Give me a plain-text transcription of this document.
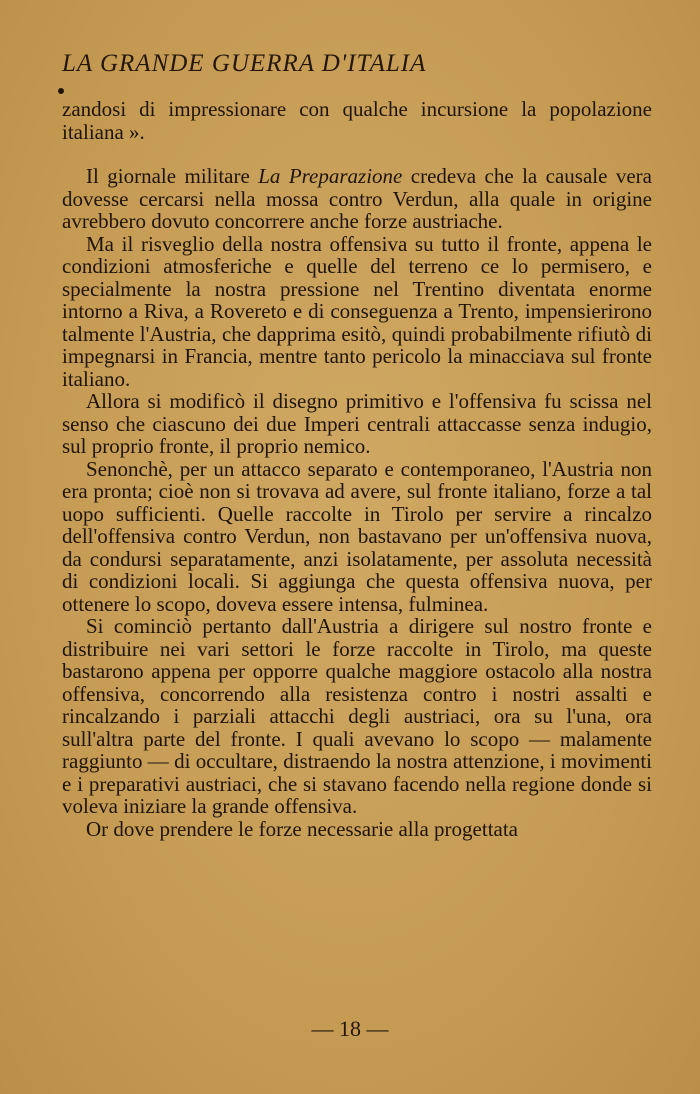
LA GRANDE GUERRA D'ITALIA

zandosi di impressionare con qualche incursione la popolazione italiana ».

Il giornale militare La Preparazione credeva che la causale vera dovesse cercarsi nella mossa contro Verdun, alla quale in origine avrebbero dovuto concorrere anche forze austriache.

Ma il risveglio della nostra offensiva su tutto il fronte, appena le condizioni atmosferiche e quelle del terreno ce lo permisero, e specialmente la nostra pressione nel Trentino diventata enorme intorno a Riva, a Rovereto e di conseguenza a Trento, impensierirono talmente l'Austria, che dapprima esitò, quindi probabilmente rifiutò di impegnarsi in Francia, mentre tanto pericolo la minacciava sul fronte italiano.

Allora si modificò il disegno primitivo e l'offensiva fu scissa nel senso che ciascuno dei due Imperi centrali attaccasse senza indugio, sul proprio fronte, il proprio nemico.

Senonchè, per un attacco separato e contemporaneo, l'Austria non era pronta; cioè non si trovava ad avere, sul fronte italiano, forze a tal uopo sufficienti. Quelle raccolte in Tirolo per servire a rincalzo dell'offensiva contro Verdun, non bastavano per un'offensiva nuova, da condursi separatamente, anzi isolatamente, per assoluta necessità di condizioni locali. Si aggiunga che questa offensiva nuova, per ottenere lo scopo, doveva essere intensa, fulminea.

Si cominciò pertanto dall'Austria a dirigere sul nostro fronte e distribuire nei vari settori le forze raccolte in Tirolo, ma queste bastarono appena per opporre qualche maggiore ostacolo alla nostra offensiva, concorrendo alla resistenza contro i nostri assalti e rincalzando i parziali attacchi degli austriaci, ora su l'una, ora sull'altra parte del fronte. I quali avevano lo scopo — malamente raggiunto — di occultare, distraendo la nostra attenzione, i movimenti e i preparativi austriaci, che si stavano facendo nella regione donde si voleva iniziare la grande offensiva.

Or dove prendere le forze necessarie alla progettata

— 18 —
